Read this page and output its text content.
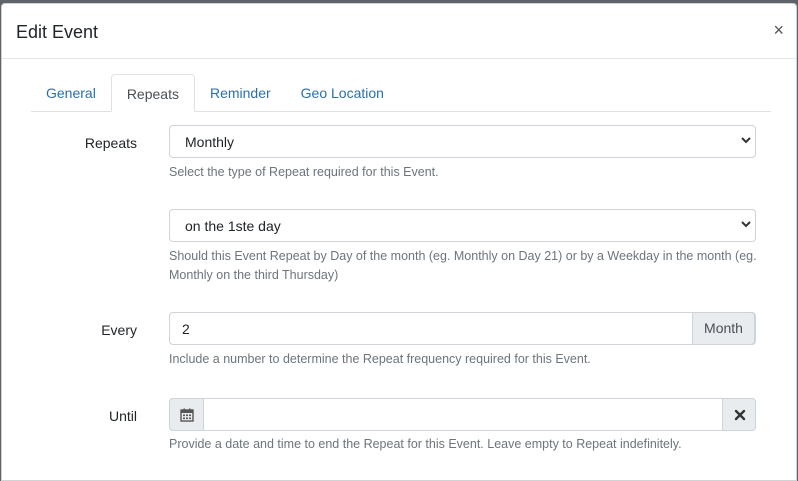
Edit Event	×
General	Repeats	Reminder	Geo Location
Repeats	Monthly
Select the type of Repeat required for this Event.
on the 1ste day
Should this Event Repeat by Day of the month (eg. Monthly on Day 21) or by a Weekday in the month (eg. Monthly on the third Thursday)
Every	2	Month
Include a number to determine the Repeat frequency required for this Event.
Until
Provide a date and time to end the Repeat for this Event. Leave empty to Repeat indefinitely.
